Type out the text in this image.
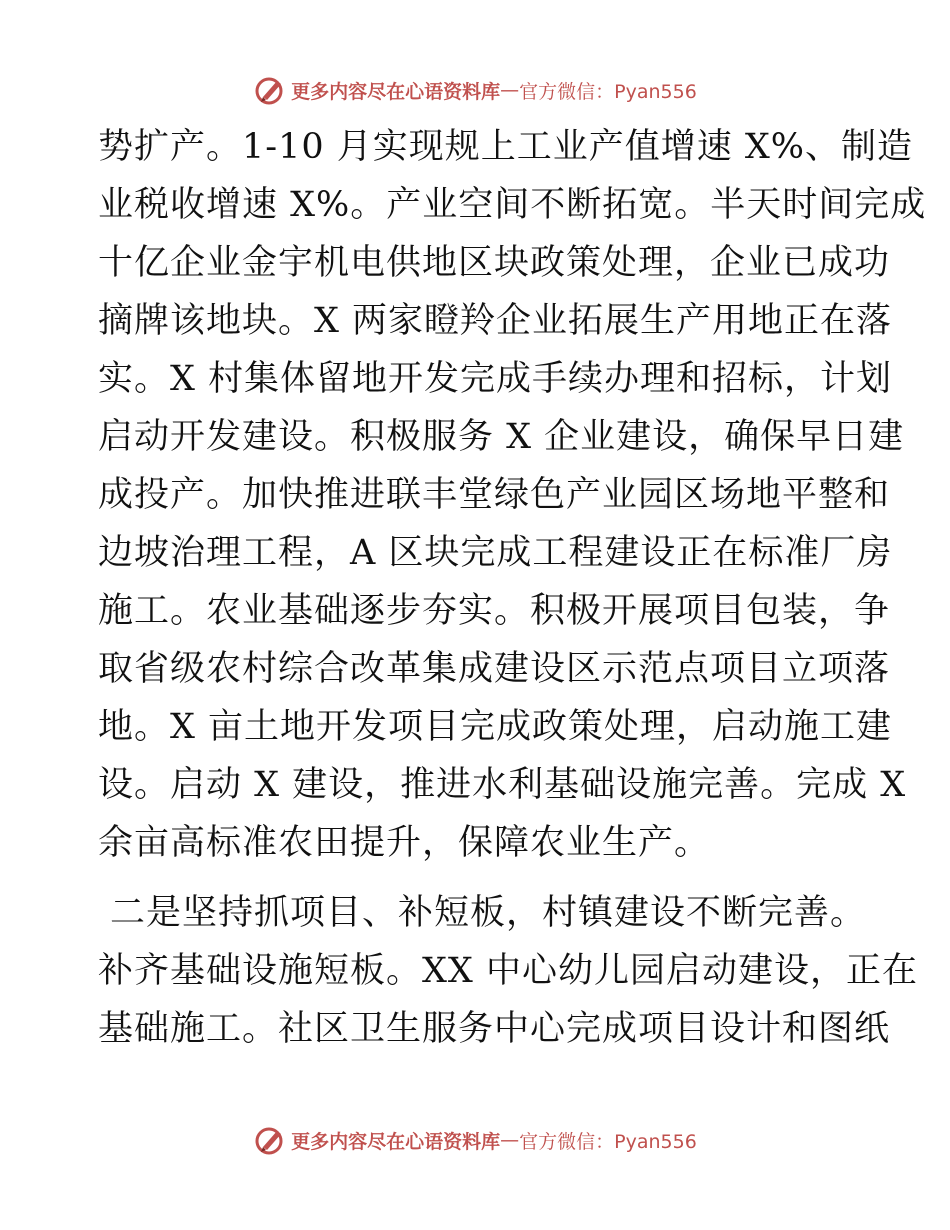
更多内容尽在心语资料库 — 官方微信：Pyan556
势扩产。1-10 月实现规上工业产值增速 X%、制造
业税收增速 X%。产业空间不断拓宽。半天时间完成
十亿企业金宇机电供地区块政策处理，企业已成功
摘牌该地块。X 两家瞪羚企业拓展生产用地正在落
实。X 村集体留地开发完成手续办理和招标，计划
启动开发建设。积极服务 X 企业建设，确保早日建
成投产。加快推进联丰堂绿色产业园区场地平整和
边坡治理工程，A 区块完成工程建设正在标准厂房
施工。农业基础逐步夯实。积极开展项目包装，争
取省级农村综合改革集成建设区示范点项目立项落
地。X 亩土地开发项目完成政策处理，启动施工建
设。启动 X 建设，推进水利基础设施完善。完成 X
余亩高标准农田提升，保障农业生产。
二是坚持抓项目、补短板，村镇建设不断完善。
补齐基础设施短板。XX 中心幼儿园启动建设，正在
基础施工。社区卫生服务中心完成项目设计和图纸
更多内容尽在心语资料库 — 官方微信：Pyan556
